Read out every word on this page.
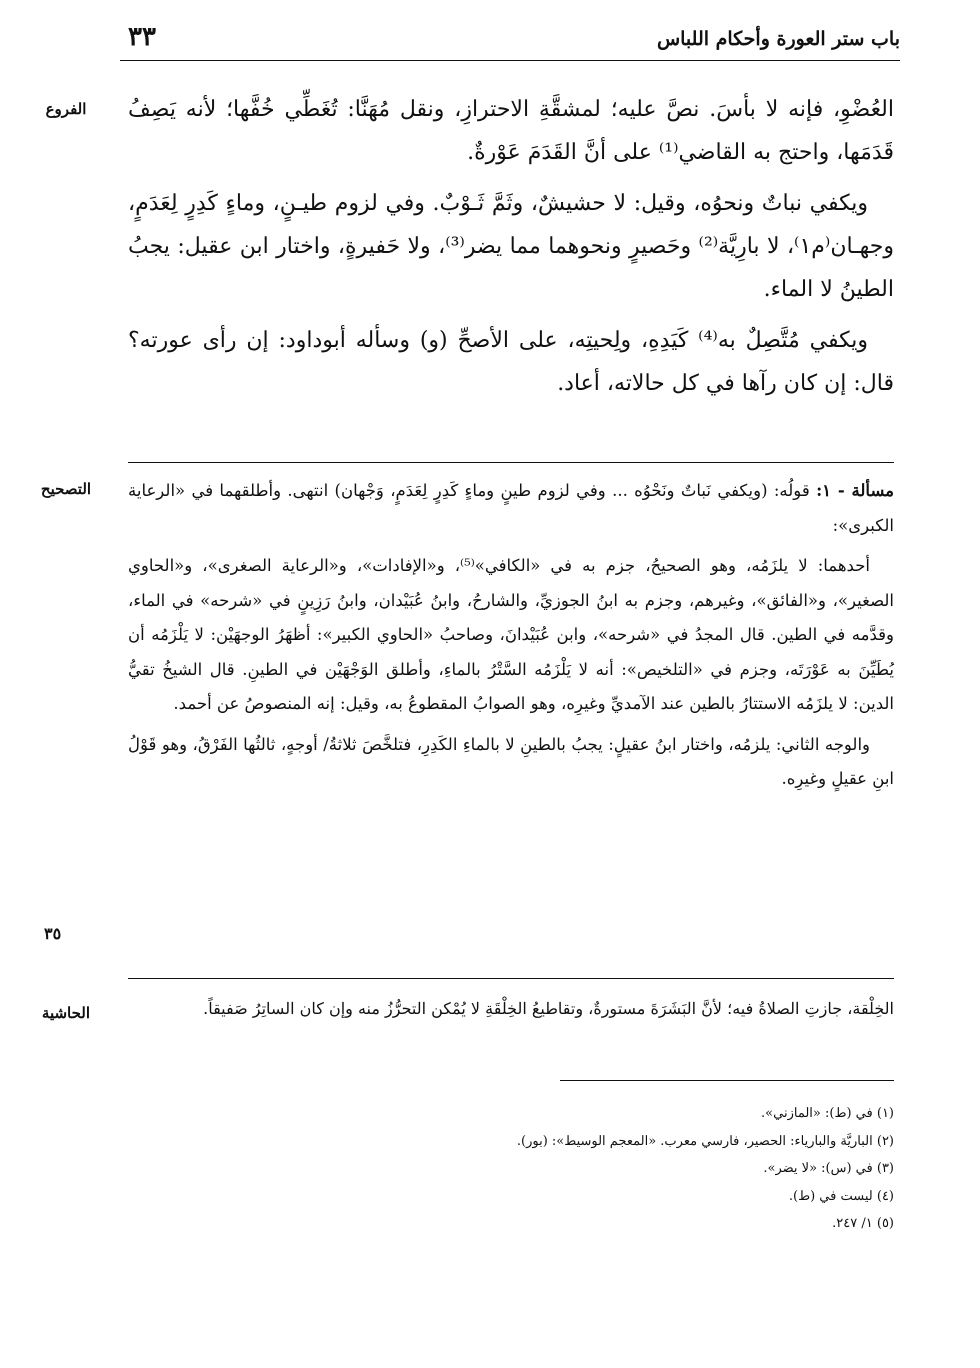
باب ستر العورة وأحكام اللباس
٣٣
الفروع
التصحيح
الحاشية
٣٥

العُضْوِ، فإنه لا بأسَ. نصَّ عليه؛ لمشقَّةِ الاحترازِ، ونقل مُهَنَّا: تُغَطِّي خُفَّها؛ لأنه يَصِفُ قَدَمَها، واحتج به القاضي⁽¹⁾ على أنَّ القَدَمَ عَوْرةٌ.

ويكفي نباتٌ ونحوُه، وقيل: لا حشيشٌ، وثَمَّ ثَـوْبٌ. وفي لزوم طيـنٍ، وماءٍ كَدِرٍ لِعَدَمٍ، وجهـان⁽م١⁾، لا بارِيَّة⁽²⁾ وحَصيرٍ ونحوهما مما يضر⁽³⁾، ولا حَفيرةٍ، واختار ابن عقيل: يجبُ الطينُ لا الماء.

ويكفي مُتَّصِلٌ به⁽⁴⁾ كَيَدِهِ، ولِحيتِه، على الأصحِّ (و) وسأله أبوداود: إن رأى عورته؟ قال: إن كان رآها في كل حالاته، أعاد.

مسألة - ١: قولُه: (ويكفي نَباتٌ ونَحْوُه ... وفي لزوم طينٍ وماءٍ كَدِرٍ لِعَدَمٍ، وَجْهان) انتهى. وأطلقهما في «الرعاية الكبرى»:

أحدهما: لا يلزَمُه، وهو الصحيحُ، جزم به في «الكافي»⁽⁵⁾، و«الإفادات»، و«الرعاية الصغرى»، و«الحاوي الصغير»، و«الفائق»، وغيرهم، وجزم به ابنُ الجوزيِّ، والشارحُ، وابنُ عُبَيْدان، وابنُ رَزِينٍ في «شرحه» في الماء، وقدَّمه في الطين. قال المجدُ في «شرحه»، وابن عُبَيْدانَ، وصاحبُ «الحاوي الكبير»: أظهَرُ الوجهَيْن: لا يَلْزَمُه أن يُطَيِّنَ به عَوْرَتَه، وجزم في «التلخيص»: أنه لا يَلْزَمُه السَّتْرُ بالماءِ، وأطلق الوَجْهَيْن في الطينِ. قال الشيخُ تقيُّ الدين: لا يلزَمُه الاستتارُ بالطين عند الآمديِّ وغيرِه، وهو الصوابُ المقطوعُ به، وقيل: إنه المنصوصُ عن أحمد.

والوجه الثاني: يلزمُه، واختار ابنُ عقيلٍ: يجبُ بالطينِ لا بالماءِ الكَدِرِ، فتلخَّصَ ثلاثةُ/ أوجهٍ، ثالثُها الفَرْقُ، وهو قَوْلُ ابنِ عقيلٍ وغيرِه.

الخِلْقة، جازتِ الصلاةُ فيه؛ لأنَّ البَشَرَةَ مستورةٌ، وتقاطيعُ الخِلْقَةِ لا يُمْكن التحرُّزُ منه وإن كان الساتِرُ صَفيقاً.

(١) في (ط): «المازني».
(٢) الباريَّة والبارياء: الحصير، فارسي معرب. «المعجم الوسيط»: (بور).
(٣) في (س): «لا يضر».
(٤) ليست في (ط).
(٥) ١/ ٢٤٧.
